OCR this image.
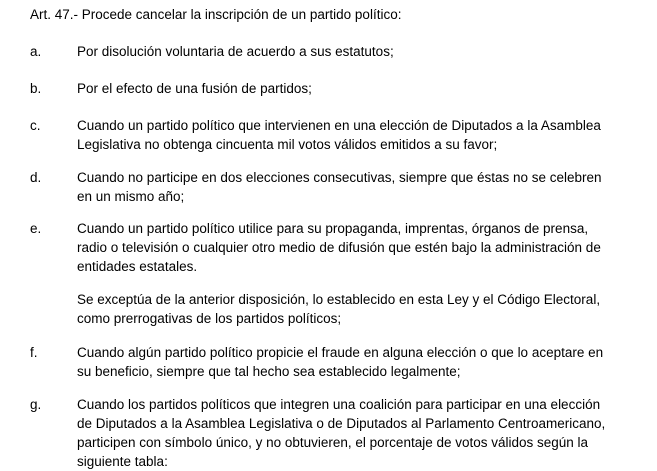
Art. 47.- Procede cancelar la inscripción de un partido político:
a.	Por disolución voluntaria de acuerdo a sus estatutos;
b.	Por el efecto de una fusión de partidos;
c.	Cuando un partido político que intervienen en una elección de Diputados a la Asamblea
Legislativa no obtenga cincuenta mil votos válidos emitidos a su favor;
d.	Cuando no participe en dos elecciones consecutivas, siempre que éstas no se celebren
en un mismo año;
e.	Cuando un partido político utilice para su propaganda, imprentas, órganos de prensa,
radio o televisión o cualquier otro medio de difusión que estén bajo la administración de
entidades estatales.
Se exceptúa de la anterior disposición, lo establecido en esta Ley y el Código Electoral,
como prerrogativas de los partidos políticos;
f.	Cuando algún partido político propicie el fraude en alguna elección o que lo aceptare en
su beneficio, siempre que tal hecho sea establecido legalmente;
g.	Cuando los partidos políticos que integren una coalición para participar en una elección
de Diputados a la Asamblea Legislativa o de Diputados al Parlamento Centroamericano,
participen con símbolo único, y no obtuvieren, el porcentaje de votos válidos según la
siguiente tabla:
